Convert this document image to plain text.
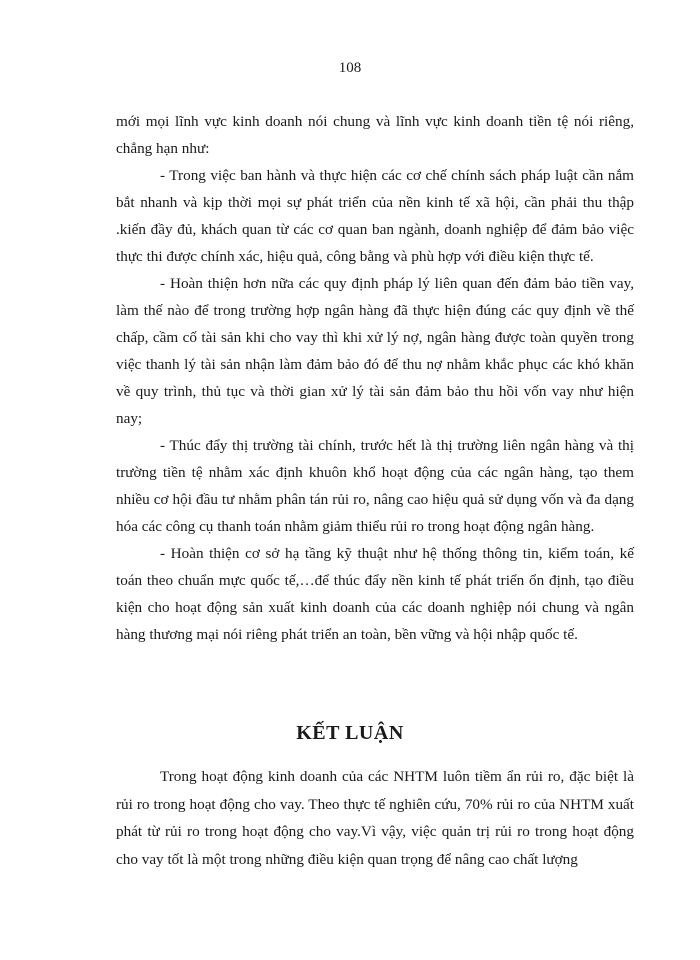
108

mới mọi lĩnh vực kinh doanh nói chung và lĩnh vực kinh doanh tiền tệ nói riêng, chẳng hạn như:

- Trong việc ban hành và thực hiện các cơ chế chính sách pháp luật cần nắm bắt nhanh và kịp thời mọi sự phát triển của nền kinh tế xã hội, cần phải thu thập .kiến đầy đủ, khách quan từ các cơ quan ban ngành, doanh nghiệp để đảm bảo việc thực thi được chính xác, hiệu quả, công bằng và phù hợp với điều kiện thực tế.

- Hoàn thiện hơn nữa các quy định pháp lý liên quan đến đảm bảo tiền vay, làm thế nào để trong trường hợp ngân hàng đã thực hiện đúng các quy định về thế chấp, cầm cố tài sản khi cho vay thì khi xử lý nợ, ngân hàng được toàn quyền trong việc thanh lý tài sản nhận làm đảm bảo đó để thu nợ nhằm khắc phục các khó khăn về quy trình, thủ tục và thời gian xử lý tài sản đảm bảo thu hồi vốn vay như hiện nay;

- Thúc đẩy thị trường tài chính, trước hết là thị trường liên ngân hàng và thị trường tiền tệ nhằm xác định khuôn khổ hoạt động của các ngân hàng, tạo them nhiều cơ hội đầu tư nhằm phân tán rủi ro, nâng cao hiệu quả sử dụng vốn và đa dạng hóa các công cụ thanh toán nhằm giảm thiểu rủi ro trong hoạt động ngân hàng.

- Hoàn thiện cơ sở hạ tầng kỹ thuật như hệ thống thông tin, kiểm toán, kế toán theo chuẩn mực quốc tế,…để thúc đẩy nền kinh tế phát triển ổn định, tạo điều kiện cho hoạt động sản xuất kinh doanh của các doanh nghiệp nói chung và ngân hàng thương mại nói riêng phát triển an toàn, bền vững và hội nhập quốc tế.

KẾT LUẬN

Trong hoạt động kinh doanh của các NHTM luôn tiềm ẩn rủi ro, đặc biệt là rủi ro trong hoạt động cho vay. Theo thực tế nghiên cứu, 70% rủi ro của NHTM xuất phát từ rủi ro trong hoạt động cho vay.Vì vậy, việc quản trị rủi ro trong hoạt động cho vay tốt là một trong những điều kiện quan trọng để nâng cao chất lượng
